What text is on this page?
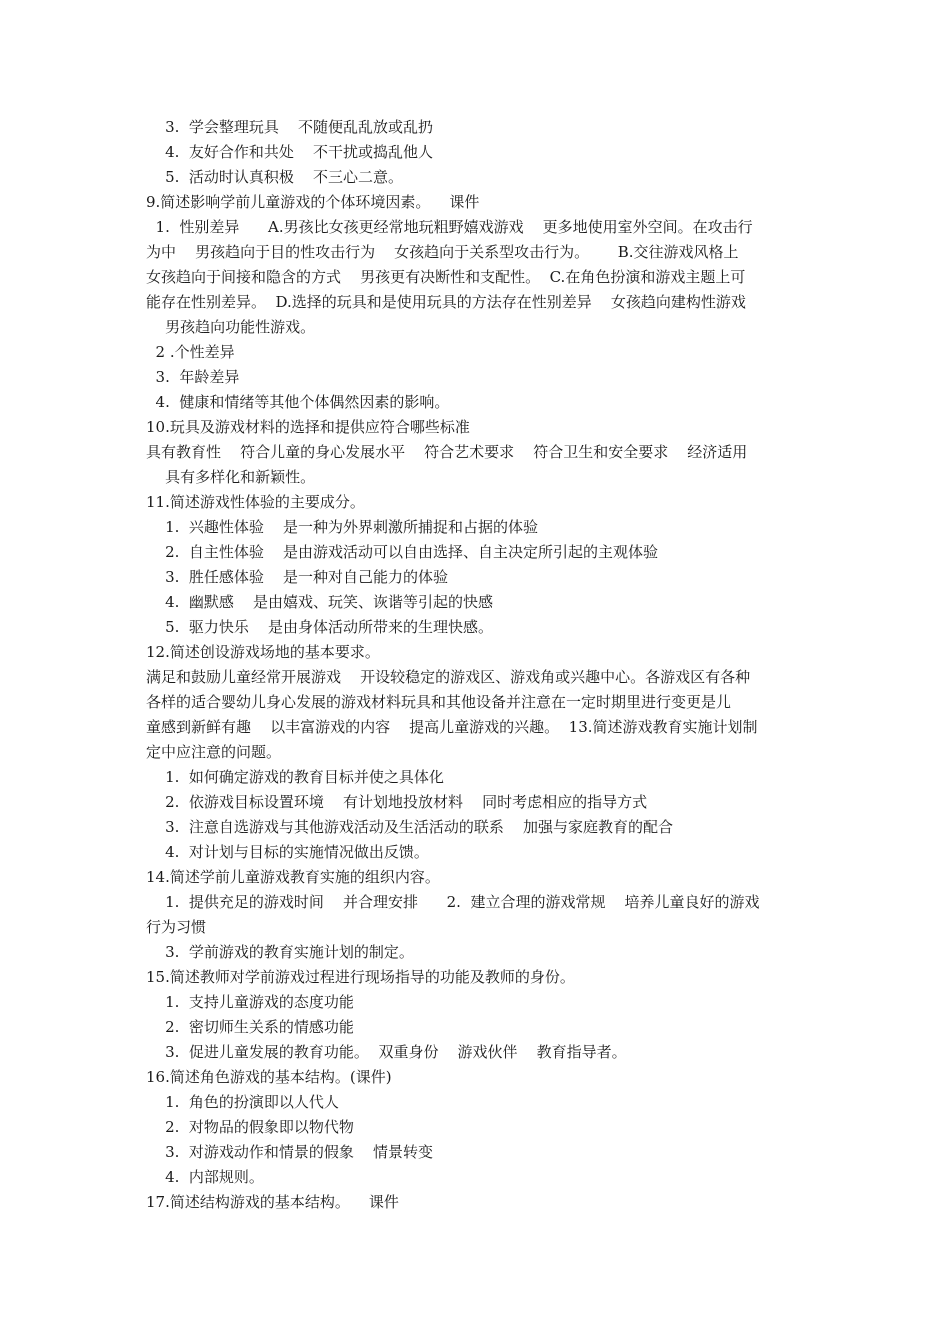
3.  学会整理玩具    不随便乱乱放或乱扔
4.  友好合作和共处    不干扰或捣乱他人
5.  活动时认真积极    不三心二意。
9.简述影响学前儿童游戏的个体环境因素。    课件
1.  性别差异      A.男孩比女孩更经常地玩粗野嬉戏游戏    更多地使用室外空间。在攻击行
为中    男孩趋向于目的性攻击行为    女孩趋向于关系型攻击行为。      B.交往游戏风格上
女孩趋向于间接和隐含的方式    男孩更有决断性和支配性。  C.在角色扮演和游戏主题上可
能存在性别差异。  D.选择的玩具和是使用玩具的方法存在性别差异    女孩趋向建构性游戏
男孩趋向功能性游戏。
2 .个性差异
3.  年龄差异
4.  健康和情绪等其他个体偶然因素的影响。
10.玩具及游戏材料的选择和提供应符合哪些标准
具有教育性    符合儿童的身心发展水平    符合艺术要求    符合卫生和安全要求    经济适用
具有多样化和新颖性。
11.简述游戏性体验的主要成分。
1.  兴趣性体验    是一种为外界刺激所捕捉和占据的体验
2.  自主性体验    是由游戏活动可以自由选择、自主决定所引起的主观体验
3.  胜任感体验    是一种对自己能力的体验
4.  幽默感    是由嬉戏、玩笑、诙谐等引起的快感
5.  驱力快乐    是由身体活动所带来的生理快感。
12.简述创设游戏场地的基本要求。
满足和鼓励儿童经常开展游戏    开设较稳定的游戏区、游戏角或兴趣中心。各游戏区有各种
各样的适合婴幼儿身心发展的游戏材料玩具和其他设备并注意在一定时期里进行变更是儿
童感到新鲜有趣    以丰富游戏的内容    提高儿童游戏的兴趣。  13.简述游戏教育实施计划制
定中应注意的问题。
1.  如何确定游戏的教育目标并使之具体化
2.  依游戏目标设置环境    有计划地投放材料    同时考虑相应的指导方式
3.  注意自选游戏与其他游戏活动及生活活动的联系    加强与家庭教育的配合
4.  对计划与目标的实施情况做出反馈。
14.简述学前儿童游戏教育实施的组织内容。
1.  提供充足的游戏时间    并合理安排      2.  建立合理的游戏常规    培养儿童良好的游戏
行为习惯
3.  学前游戏的教育实施计划的制定。
15.简述教师对学前游戏过程进行现场指导的功能及教师的身份。
1.  支持儿童游戏的态度功能
2.  密切师生关系的情感功能
3.  促进儿童发展的教育功能。  双重身份    游戏伙伴    教育指导者。
16.简述角色游戏的基本结构。(课件)
1.  角色的扮演即以人代人
2.  对物品的假象即以物代物
3.  对游戏动作和情景的假象    情景转变
4.  内部规则。
17.简述结构游戏的基本结构。    课件
